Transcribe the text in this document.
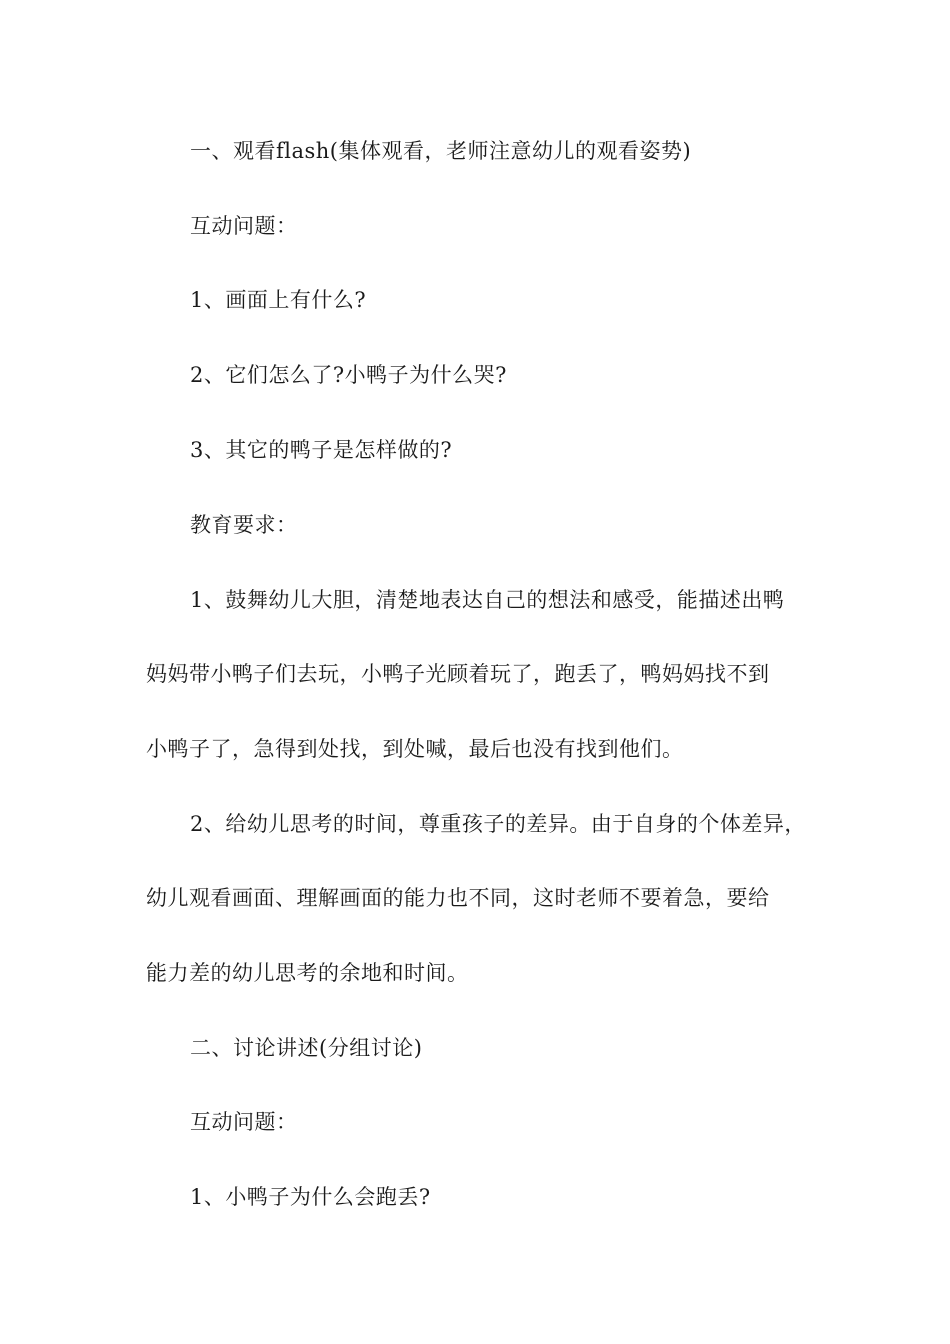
一、观看flash(集体观看，老师注意幼儿的观看姿势)
互动问题：
1、画面上有什么?
2、它们怎么了?小鸭子为什么哭?
3、其它的鸭子是怎样做的?
教育要求：
1、鼓舞幼儿大胆，清楚地表达自己的想法和感受，能描述出鸭
妈妈带小鸭子们去玩，小鸭子光顾着玩了，跑丢了，鸭妈妈找不到
小鸭子了，急得到处找，到处喊，最后也没有找到他们。
2、给幼儿思考的时间，尊重孩子的差异。由于自身的个体差异，
幼儿观看画面、理解画面的能力也不同，这时老师不要着急，要给
能力差的幼儿思考的余地和时间。
二、讨论讲述(分组讨论)
互动问题：
1、小鸭子为什么会跑丢?
